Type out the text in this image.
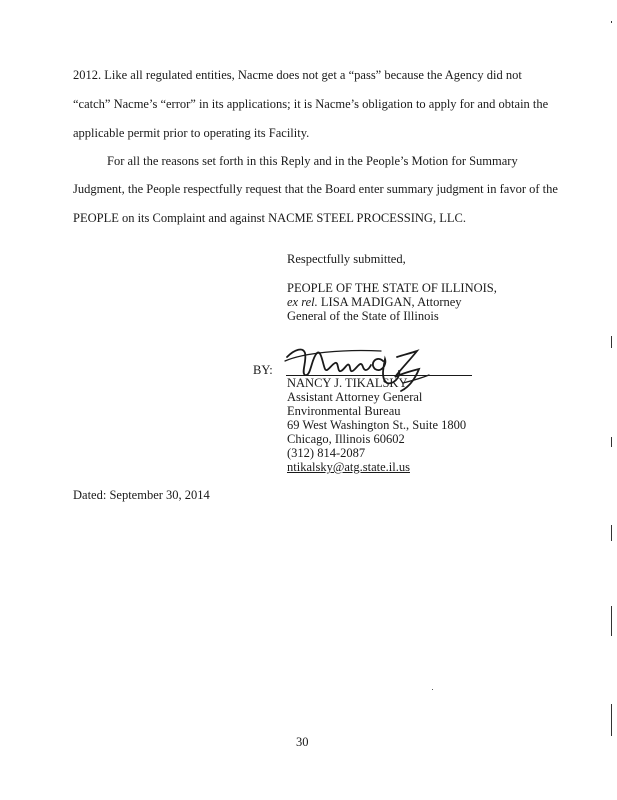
2012. Like all regulated entities, Nacme does not get a “pass” because the Agency did not
“catch” Nacme’s “error” in its applications; it is Nacme’s obligation to apply for and obtain the
applicable permit prior to operating its Facility.
For all the reasons set forth in this Reply and in the People’s Motion for Summary
Judgment, the People respectfully request that the Board enter summary judgment in favor of the
PEOPLE on its Complaint and against NACME STEEL PROCESSING, LLC.
Respectfully submitted,
PEOPLE OF THE STATE OF ILLINOIS,
ex rel. LISA MADIGAN, Attorney
General of the State of Illinois
BY:
NANCY J. TIKALSKY
Assistant Attorney General
Environmental Bureau
69 West Washington St., Suite 1800
Chicago, Illinois 60602
(312) 814-2087
ntikalsky@atg.state.il.us
Dated: September 30, 2014
30
